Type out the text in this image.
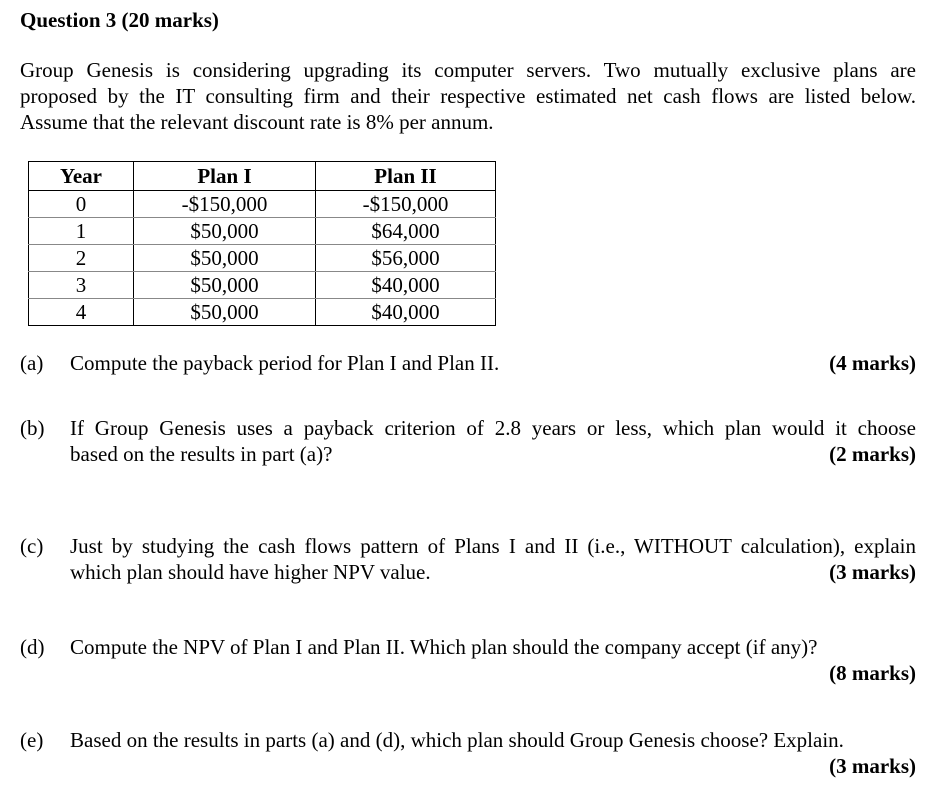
Question 3 (20 marks)
Group Genesis is considering upgrading its computer servers. Two mutually exclusive plans are
proposed by the IT consulting firm and their respective estimated net cash flows are listed below.
Assume that the relevant discount rate is 8% per annum.
Year	Plan I	Plan II
0	-$150,000	-$150,000
1	$50,000	$64,000
2	$50,000	$56,000
3	$50,000	$40,000
4	$50,000	$40,000
(a) Compute the payback period for Plan I and Plan II.	(4 marks)
(b) If Group Genesis uses a payback criterion of 2.8 years or less, which plan would it choose
based on the results in part (a)?	(2 marks)
(c) Just by studying the cash flows pattern of Plans I and II (i.e., WITHOUT calculation), explain
which plan should have higher NPV value.	(3 marks)
(d) Compute the NPV of Plan I and Plan II. Which plan should the company accept (if any)?
(8 marks)
(e) Based on the results in parts (a) and (d), which plan should Group Genesis choose? Explain.
(3 marks)
